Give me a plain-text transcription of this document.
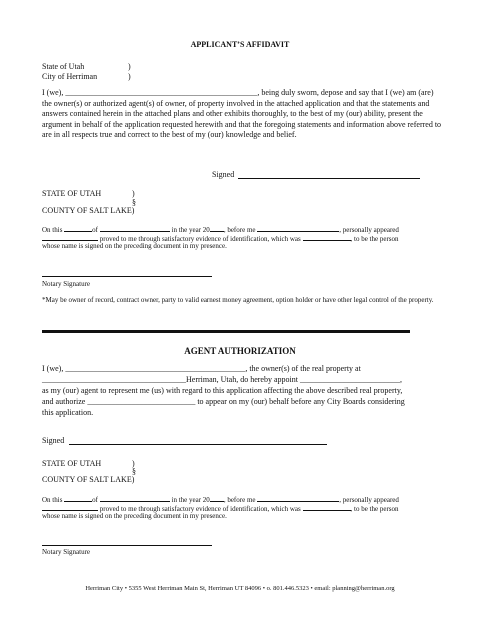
APPLICANT’S AFFIDAVIT
State of Utah	)
City of Herriman	)
I (we), ________________________________________________, being duly sworn, depose and say that I (we) am (are) the owner(s) or authorized agent(s) of owner, of property involved in the attached application and that the statements and answers contained herein in the attached plans and other exhibits thoroughly, to the best of my (our) ability, present the argument in behalf of the application requested herewith and that the foregoing statements and information above referred to are in all respects true and correct to the best of my (our) knowledge and belief.
Signed
STATE OF UTAH	)
§
COUNTY OF SALT LAKE)
On this	of	in the year 20 , before me	, personally appeared
proved to me through satisfactory evidence of identification, which was	, to be the person
whose name is signed on the preceding document in my presence.
Notary Signature
*May be owner of record, contract owner, party to valid earnest money agreement, option holder or have other legal control of the property.
AGENT AUTHORIZATION
I (we), _____________________________________________, the owner(s) of the real property at
____________________________________Herriman, Utah, do hereby appoint _________________________,
as my (our) agent to represent me (us) with regard to this application affecting the above described real property,
and authorize ___________________________ to appear on my (our) behalf before any City Boards considering
this application.
Signed
STATE OF UTAH	)
§
COUNTY OF SALT LAKE)
On this	of	in the year 20 , before me	, personally appeared
proved to me through satisfactory evidence of identification, which was	, to be the person
whose name is signed on the preceding document in my presence.
Notary Signature
Herriman City • 5355 West Herriman Main St, Herriman UT 84096 • o. 801.446.5323 • email: planning@herriman.org
